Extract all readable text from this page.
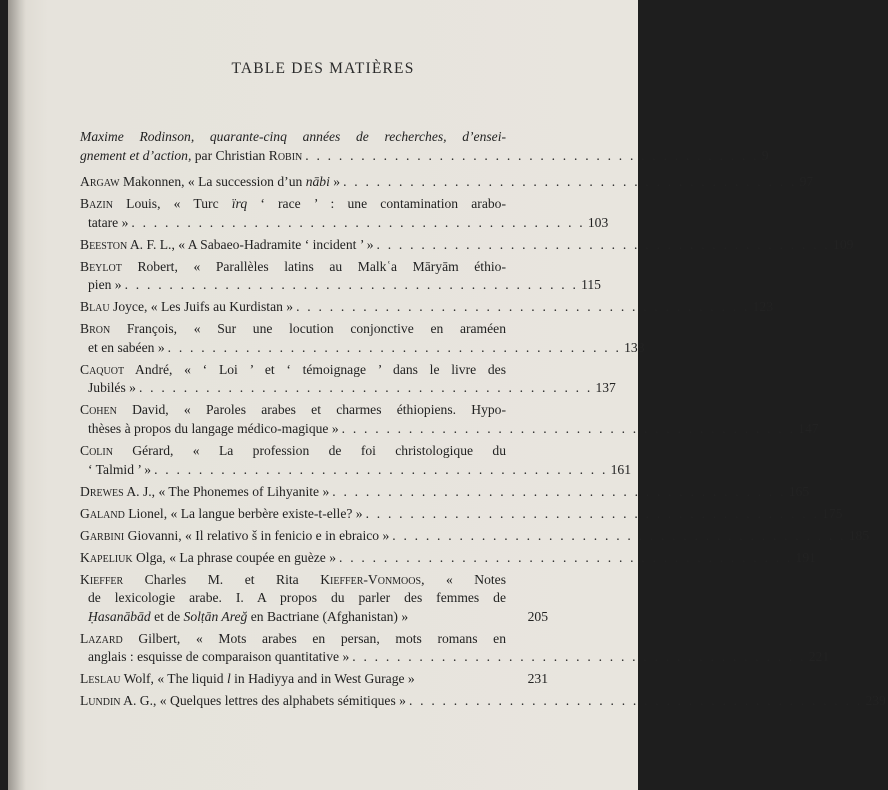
TABLE DES MATIÈRES
Maxime Rodinson, quarante-cinq années de recherches, d’ensei-
gnement et d’action, par Christian Robin . . . . . . . . . . . . . . . . . . . . . . . . . . . . . . . . . . . . . . . . . 9
Argaw Makonnen, « La succession d’un nābi » . . . . . . . . . . . . . . . . . . . . . . . . . . . . . . . . . . . . . . . . . 97
Bazin Louis, « Turc ïrq ‘ race ’ : une contamination arabo-
tatare » . . . . . . . . . . . . . . . . . . . . . . . . . . . . . . . . . . . . . . . . . 103
Beeston A. F. L., « A Sabaeo-Hadramite ‘ incident ’ » . . . . . . . . . . . . . . . . . . . . . . . . . . . . . . . . . . . . . . . . . 109
Beylot Robert, « Parallèles latins au Malkʿa Māryām éthio-
pien » . . . . . . . . . . . . . . . . . . . . . . . . . . . . . . . . . . . . . . . . . 115
Blau Joyce, « Les Juifs au Kurdistan » . . . . . . . . . . . . . . . . . . . . . . . . . . . . . . . . . . . . . . . . . 123
Bron François, « Sur une locution conjonctive en araméen
et en sabéen » . . . . . . . . . . . . . . . . . . . . . . . . . . . . . . . . . . . . . . . . . 133
Caquot André, « ‘ Loi ’ et ‘ témoignage ’ dans le livre des
Jubilés » . . . . . . . . . . . . . . . . . . . . . . . . . . . . . . . . . . . . . . . . . 137
Cohen David, « Paroles arabes et charmes éthiopiens. Hypo-
thèses à propos du langage médico-magique » . . . . . . . . . . . . . . . . . . . . . . . . . . . . . . . . . . . . . . . . . 147
Colin Gérard, « La profession de foi christologique du
‘ Talmid ’ » . . . . . . . . . . . . . . . . . . . . . . . . . . . . . . . . . . . . . . . . . 161
Drewes A. J., « The Phonemes of Lihyanite » . . . . . . . . . . . . . . . . . . . . . . . . . . . . . . . . . . . . . . . . . 165
Galand Lionel, « La langue berbère existe-t-elle? » . . . . . . . . . . . . . . . . . . . . . . . . . . . . . . . . . . . . . . . . . 175
Garbini Giovanni, « Il relativo š in fenicio e in ebraico » . . . . . . . . . . . . . . . . . . . . . . . . . . . . . . . . . . . . . . . . . 185
Kapeliuk Olga, « La phrase coupée en guèze » . . . . . . . . . . . . . . . . . . . . . . . . . . . . . . . . . . . . . . . . . 191
Kieffer Charles M. et Rita Kieffer-Vonmoos, « Notes
de lexicologie arabe. I. A propos du parler des femmes de
Ḥasanābād et de Solṭān Areğ en Bactriane (Afghanistan) »	205
Lazard Gilbert, « Mots arabes en persan, mots romans en
anglais : esquisse de comparaison quantitative » . . . . . . . . . . . . . . . . . . . . . . . . . . . . . . . . . . . . . . . . . 221
Leslau Wolf, « The liquid l in Hadiyya and in West Gurage »	231
Lundin A. G., « Quelques lettres des alphabets sémitiques » . . . . . . . . . . . . . . . . . . . . . . . . . . . . . . . . . . . . . . . . . 239
